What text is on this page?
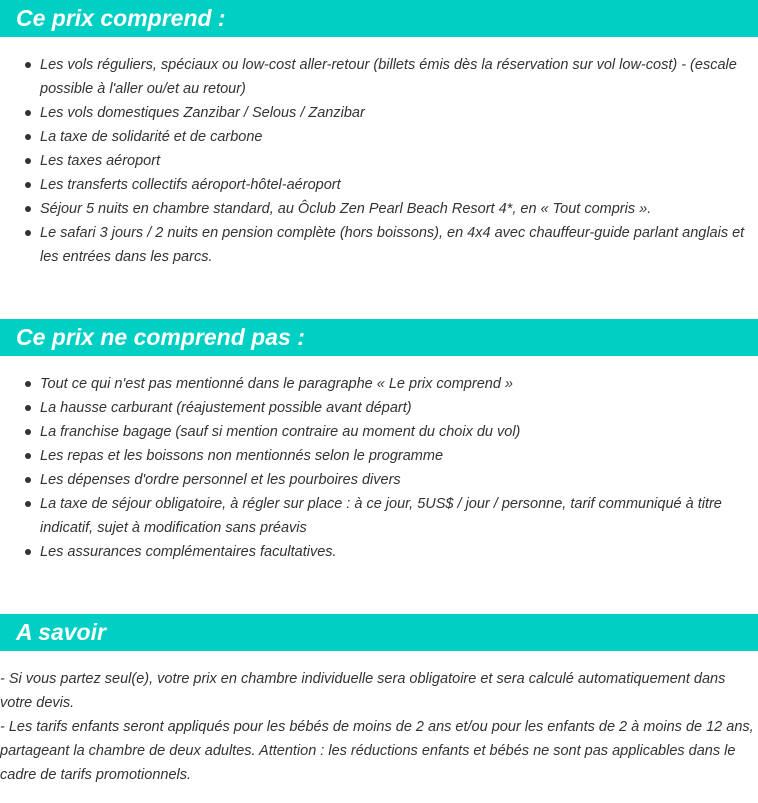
Ce prix comprend :
Les vols réguliers, spéciaux ou low-cost aller-retour (billets émis dès la réservation sur vol low-cost) - (escale possible à l'aller ou/et au retour)
Les vols domestiques Zanzibar / Selous / Zanzibar
La taxe de solidarité et de carbone
Les taxes aéroport
Les transferts collectifs aéroport-hôtel-aéroport
Séjour 5 nuits en chambre standard, au Ôclub Zen Pearl Beach Resort 4*, en « Tout compris ».
Le safari 3 jours / 2 nuits en pension complète (hors boissons), en 4x4 avec chauffeur-guide parlant anglais et les entrées dans les parcs.
Ce prix ne comprend pas :
Tout ce qui n'est pas mentionné dans le paragraphe « Le prix comprend »
La hausse carburant (réajustement possible avant départ)
La franchise bagage (sauf si mention contraire au moment du choix du vol)
Les repas et les boissons non mentionnés selon le programme
Les dépenses d'ordre personnel et les pourboires divers
La taxe de séjour obligatoire, à régler sur place : à ce jour, 5US$ / jour / personne, tarif communiqué à titre indicatif, sujet à modification sans préavis
Les assurances complémentaires facultatives.
A savoir

- Si vous partez seul(e), votre prix en chambre individuelle sera obligatoire et sera calculé automatiquement dans votre devis.

- Les tarifs enfants seront appliqués pour les bébés de moins de 2 ans et/ou pour les enfants de 2 à moins de 12 ans, partageant la chambre de deux adultes. Attention : les réductions enfants et bébés ne sont pas applicables dans le cadre de tarifs promotionnels.
